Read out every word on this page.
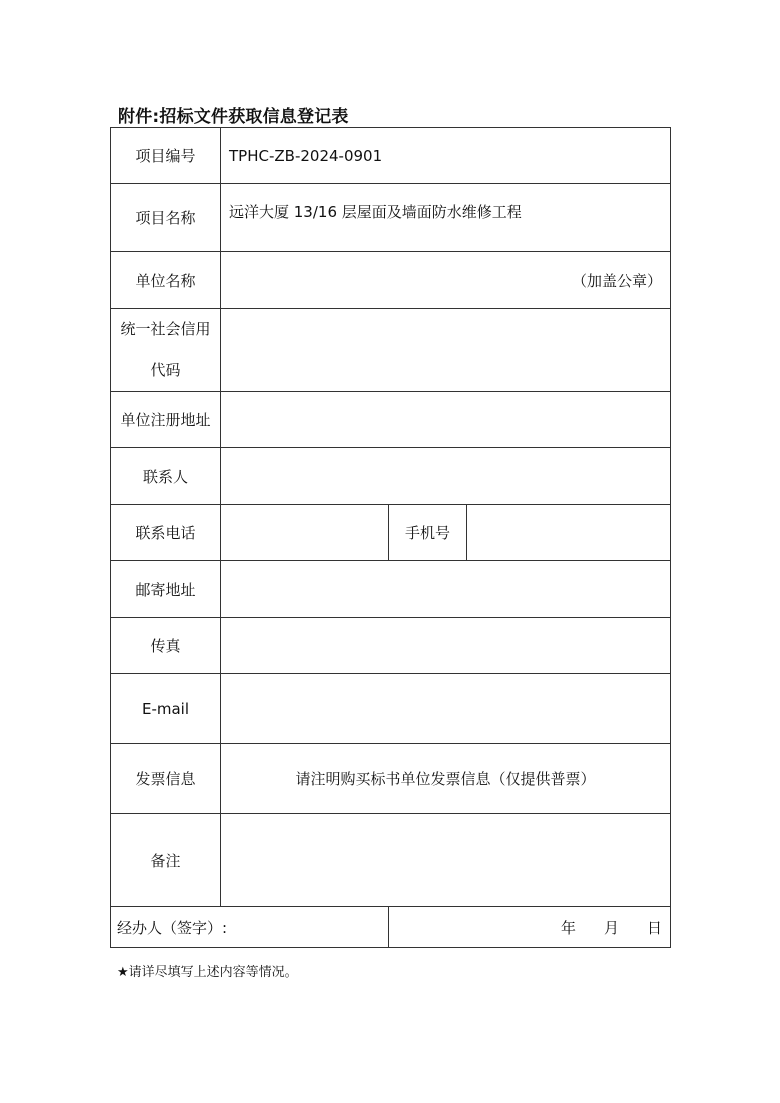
附件:招标文件获取信息登记表
项目编号	TPHC-ZB-2024-0901		
项目名称	远洋大厦 13/16 层屋面及墙面防水维修工程		
单位名称	（加盖公章）		

统一社会信用
代码			

单位注册地址			
联系人			
联系电话		手机号	
邮寄地址			
传真			
E-mail			
发票信息	请注明购买标书单位发票信息（仅提供普票）		
备注			
经办人（签字）:		年 月 日	
★请详尽填写上述内容等情况。
